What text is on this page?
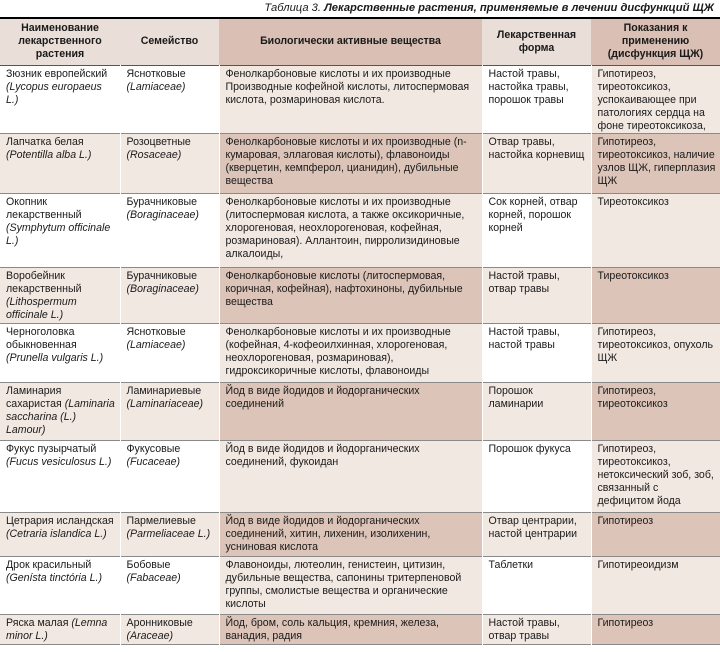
Таблица 3. Лекарственные растения, применяемые в лечении дисфункций ЩЖ
Наименование лекарственного растения	Семейство	Биологически активные вещества	Лекарственная форма	Показания к применению (дисфункция ЩЖ)
Зюзник европейский (Lycopus europaeus L.)	Яснотковые (Lamiaceae)	Фенолкарбоновые кислоты и их производные Производные кофейной кислоты, литоспермовая кислота, розмариновая кислота.	Настой травы, настойка травы, порошок травы	Гипотиреоз, тиреотоксикоз, успокаивающее при патологиях сердца на фоне тиреотоксикоза,
Лапчатка белая (Potentilla alba L.)	Розоцветные (Rosaceae)	Фенолкарбоновые кислоты и их производные (n-кумаровая, эллаговая кислоты), флавоноиды (кверцетин, кемпферол, цианидин), дубильные вещества	Отвар травы, настойка корневищ	Гипотиреоз, тиреотоксикоз, наличие узлов ЩЖ, гиперплазия ЩЖ
Окопник лекарственный (Symphytum officinale L.)	Бурачниковые (Boraginaceae)	Фенолкарбоновые кислоты и их производные (литоспермовая кислота, а также оксикоричные, хлорогеновая, неохлорогеновая, кофейная, розмариновая). Аллантоин, пирролизидиновые алкалоиды,	Сок корней, отвар корней, порошок корней	Тиреотоксикоз
Воробейник лекарственный (Lithospermum officinale L.)	Бурачниковые (Boraginaceae)	Фенолкарбоновые кислоты (литоспермовая, коричная, кофейная), нафтохиноны, дубильные вещества	Настой травы, отвар травы	Тиреотоксикоз
Черноголовка обыкновенная (Prunella vulgaris L.)	Яснотковые (Lamiaceae)	Фенолкарбоновые кислоты и их производные (кофейная, 4-кофеоилхинная, хлорогеновая, неохлорогеновая, розмариновая), гидроксикоричные кислоты, флавоноиды	Настой травы, настой травы	Гипотиреоз, тиреотоксикоз, опухоль ЩЖ
Ламинария сахаристая (Laminaria saccharina (L.) Lamour)	Ламинариевые (Laminariaceae)	Йод в виде йодидов и йодорганических соединений	Порошок ламинарии	Гипотиреоз, тиреотоксикоз
Фукус пузырчатый (Fucus vesiculosus L.)	Фукусовые (Fucaceae)	Йод в виде йодидов и йодорганических соединений, фукоидан	Порошок фукуса	Гипотиреоз, тиреотоксикоз, нетоксический зоб, зоб, связанный с дефицитом йода
Цетрария исландская (Cetraria islandica L.)	Пармелиевые (Parmeliaceae L.)	Йод в виде йодидов и йодорганических соединений, хитин, лихенин, изолихенин, уснинoвая кислота	Отвар центрарии, настой центрарии	Гипотиреоз
Дрок красильный (Genísta tinctória L.)	Бобовые (Fabaceae)	Флавоноиды, лютеолин, генистеин, цитизин, дубильные вещества, сапонины тритерпеновой группы, смолистые вещества и органические кислоты	Таблетки	Гипотиреоидизм
Ряска малая (Lemna minor L.)	Аронниковые (Araceae)	Йод, бром, соль кальция, кремния, железа, ванадия, радия	Настой травы, отвар травы	Гипотиреоз
